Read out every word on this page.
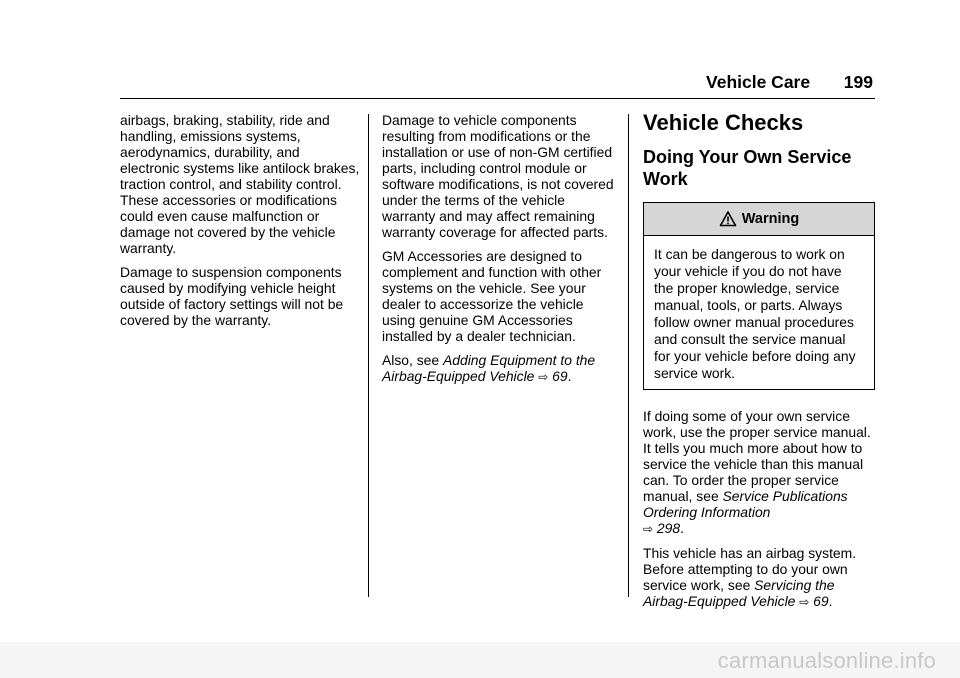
Vehicle Care 199

airbags, braking, stability, ride and handling, emissions systems, aerodynamics, durability, and electronic systems like antilock brakes, traction control, and stability control. These accessories or modifications could even cause malfunction or damage not covered by the vehicle warranty.

Damage to suspension components caused by modifying vehicle height outside of factory settings will not be covered by the warranty.

Damage to vehicle components resulting from modifications or the installation or use of non-GM certified parts, including control module or software modifications, is not covered under the terms of the vehicle warranty and may affect remaining warranty coverage for affected parts.

GM Accessories are designed to complement and function with other systems on the vehicle. See your dealer to accessorize the vehicle using genuine GM Accessories installed by a dealer technician.

Also, see Adding Equipment to the Airbag-Equipped Vehicle ⇨ 69.

Vehicle Checks
Doing Your Own Service Work
Warning
It can be dangerous to work on your vehicle if you do not have the proper knowledge, service manual, tools, or parts. Always follow owner manual procedures and consult the service manual for your vehicle before doing any service work.

If doing some of your own service work, use the proper service manual. It tells you much more about how to service the vehicle than this manual can. To order the proper service manual, see Service Publications Ordering Information
⇨ 298.

This vehicle has an airbag system. Before attempting to do your own service work, see Servicing the Airbag-Equipped Vehicle ⇨ 69.

carmanualsonline.info
